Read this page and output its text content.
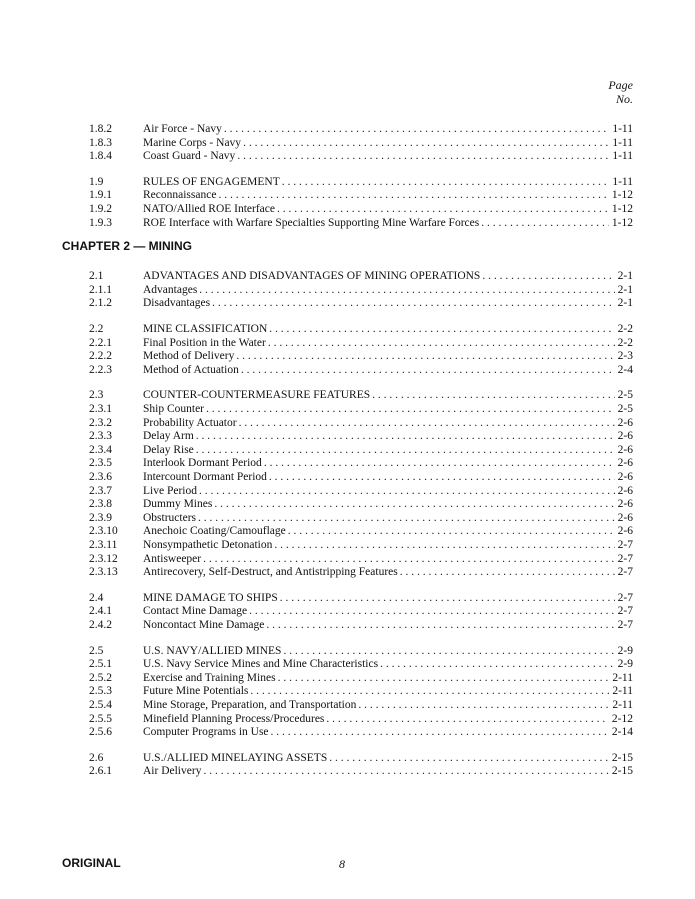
Page
No.
1.8.2	Air Force - Navy . . .	1-11
1.8.3	Marine Corps - Navy . . .	1-11
1.8.4	Coast Guard - Navy . . .	1-11
1.9	RULES OF ENGAGEMENT . . .	1-11
1.9.1	Reconnaissance . . .	1-12
1.9.2	NATO/Allied ROE Interface . . .	1-12
1.9.3	ROE Interface with Warfare Specialties Supporting Mine Warfare Forces . . .	1-12
CHAPTER 2 — MINING
2.1	ADVANTAGES AND DISADVANTAGES OF MINING OPERATIONS . . .	2-1
2.1.1	Advantages . . .	2-1
2.1.2	Disadvantages . . .	2-1
2.2	MINE CLASSIFICATION . . .	2-2
2.2.1	Final Position in the Water . . .	2-2
2.2.2	Method of Delivery . . .	2-3
2.2.3	Method of Actuation . . .	2-4
2.3	COUNTER-COUNTERMEASURE FEATURES . . .	2-5
2.3.1	Ship Counter . . .	2-5
2.3.2	Probability Actuator . . .	2-6
2.3.3	Delay Arm . . .	2-6
2.3.4	Delay Rise . . .	2-6
2.3.5	Interlook Dormant Period . . .	2-6
2.3.6	Intercount Dormant Period . . .	2-6
2.3.7	Live Period . . .	2-6
2.3.8	Dummy Mines . . .	2-6
2.3.9	Obstructers . . .	2-6
2.3.10 Anechoic Coating/Camouflage . . .	2-6
2.3.11 Nonsympathetic Detonation . . .	2-7
2.3.12 Antisweeper . . .	2-7
2.3.13 Antirecovery, Self-Destruct, and Antistripping Features . . .	2-7
2.4	MINE DAMAGE TO SHIPS . . .	2-7
2.4.1	Contact Mine Damage . . .	2-7
2.4.2	Noncontact Mine Damage . . .	2-7
2.5	U.S. NAVY/ALLIED MINES . . .	2-9
2.5.1	U.S. Navy Service Mines and Mine Characteristics . . .	2-9
2.5.2	Exercise and Training Mines . . .	2-11
2.5.3	Future Mine Potentials . . .	2-11
2.5.4	Mine Storage, Preparation, and Transportation . . .	2-11
2.5.5	Minefield Planning Process/Procedures . . .	2-12
2.5.6	Computer Programs in Use . . .	2-14
2.6	U.S./ALLIED MINELAYING ASSETS . . .	2-15
2.6.1	Air Delivery . . .	2-15
ORIGINAL	8
